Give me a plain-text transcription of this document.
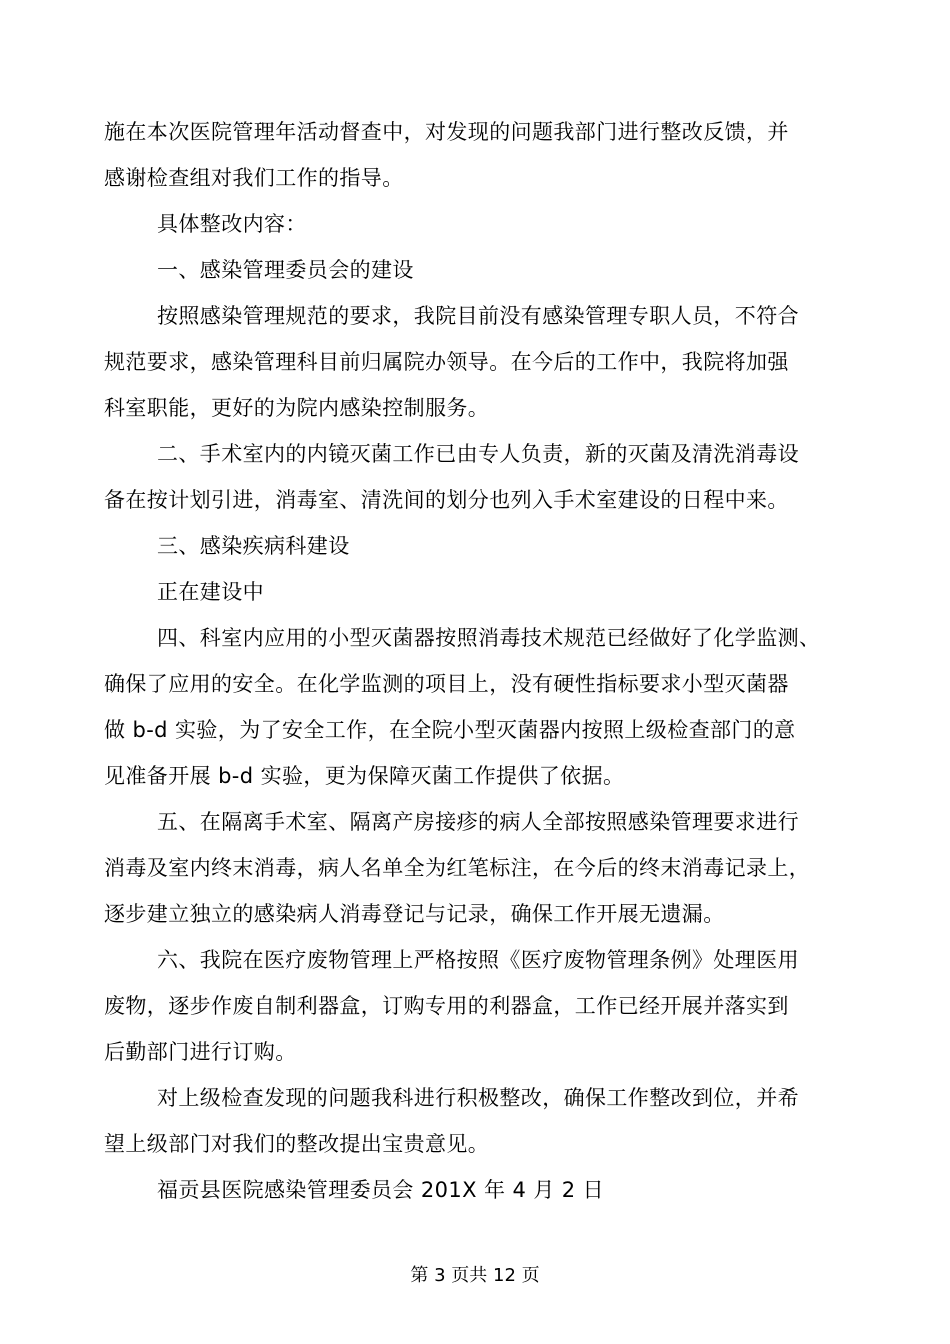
施在本次医院管理年活动督查中，对发现的问题我部门进行整改反馈，并
感谢检查组对我们工作的指导。
具体整改内容：
一、感染管理委员会的建设
按照感染管理规范的要求，我院目前没有感染管理专职人员，不符合
规范要求，感染管理科目前归属院办领导。在今后的工作中，我院将加强
科室职能，更好的为院内感染控制服务。
二、手术室内的内镜灭菌工作已由专人负责，新的灭菌及清洗消毒设
备在按计划引进，消毒室、清洗间的划分也列入手术室建设的日程中来。
三、感染疾病科建设
正在建设中
四、科室内应用的小型灭菌器按照消毒技术规范已经做好了化学监测、
确保了应用的安全。在化学监测的项目上，没有硬性指标要求小型灭菌器
做 b-d 实验，为了安全工作，在全院小型灭菌器内按照上级检查部门的意
见准备开展 b-d 实验，更为保障灭菌工作提供了依据。
五、在隔离手术室、隔离产房接疹的病人全部按照感染管理要求进行
消毒及室内终末消毒，病人名单全为红笔标注，在今后的终末消毒记录上，
逐步建立独立的感染病人消毒登记与记录，确保工作开展无遗漏。
六、我院在医疗废物管理上严格按照《医疗废物管理条例》处理医用
废物，逐步作废自制利器盒，订购专用的利器盒，工作已经开展并落实到
后勤部门进行订购。
对上级检查发现的问题我科进行积极整改，确保工作整改到位，并希
望上级部门对我们的整改提出宝贵意见。
福贡县医院感染管理委员会 201X 年 4 月 2 日
第 3 页共 12 页
